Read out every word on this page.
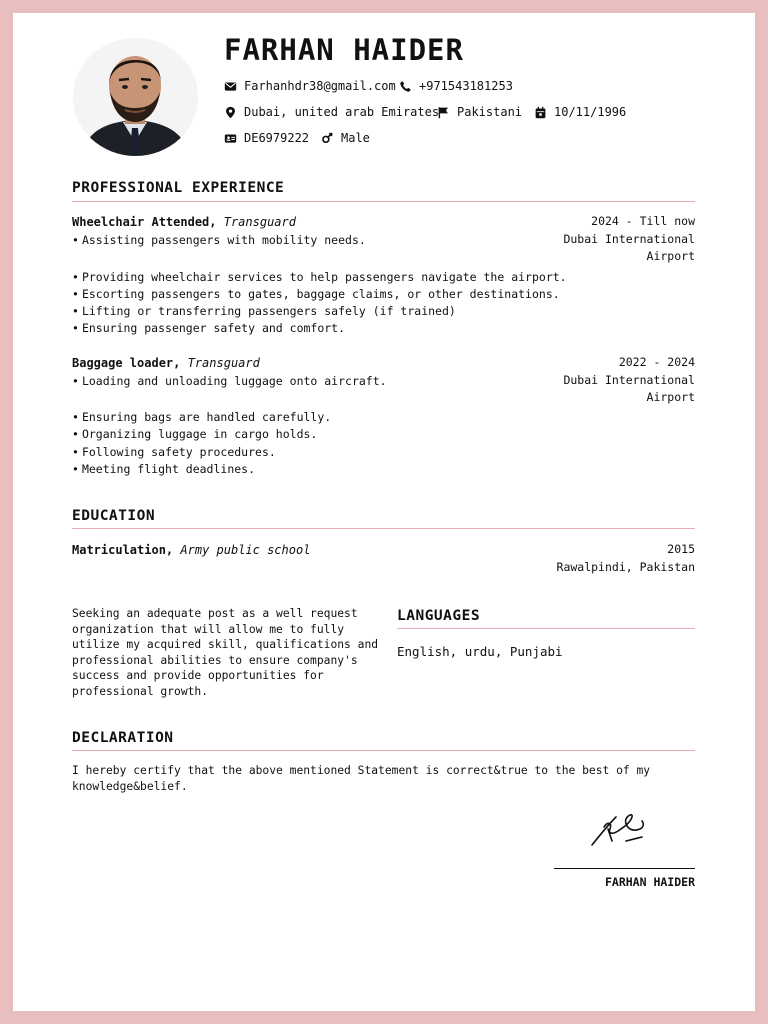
FARHAN HAIDER
Farhanhdr38@gmail.com +971543181253
Dubai, united arab Emirates Pakistani	10/11/1996
DE6979222	Male
PROFESSIONAL EXPERIENCE
Wheelchair Attended, Transguard	2024 - Till now
Dubai International
Airport
• Assisting passengers with mobility needs.
• Providing wheelchair services to help passengers navigate the airport.
• Escorting passengers to gates, baggage claims, or other destinations.
• Lifting or transferring passengers safely (if trained)
• Ensuring passenger safety and comfort.
Baggage loader, Transguard	2022 - 2024
Dubai International
Airport
• Loading and unloading luggage onto aircraft.
• Ensuring bags are handled carefully.
• Organizing luggage in cargo holds.
• Following safety procedures.
• Meeting flight deadlines.
EDUCATION
Matriculation, Army public school	2015
Rawalpindi, Pakistan
Seeking an adequate post as a well request
organization that will allow me to fully
utilize my acquired skill, qualifications and
professional abilities to ensure company's
success and provide opportunities for
professional growth.
LANGUAGES
English, urdu, Punjabi
DECLARATION
I hereby certify that the above mentioned Statement is correct&true to the best of my
knowledge&belief.
FARHAN HAIDER
